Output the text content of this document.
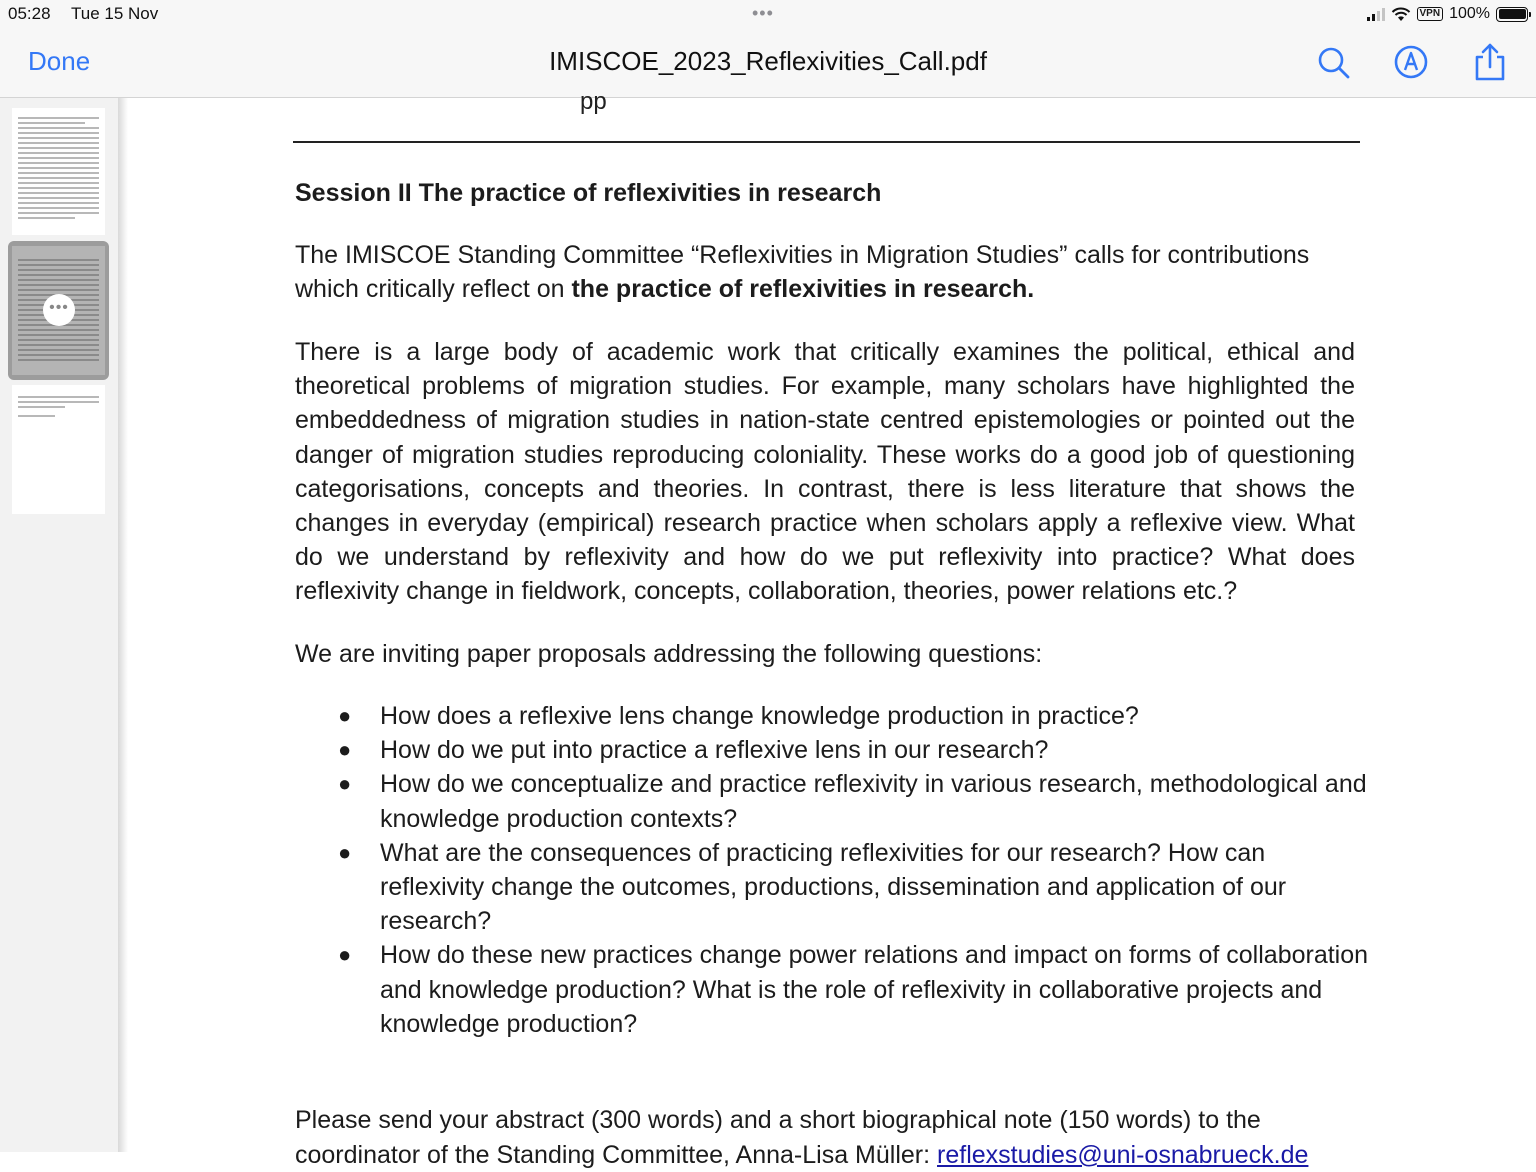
05:28 Tue 15 Nov	•••	VPN 100%
Done	IMISCOE_2023_Reflexivities_Call.pdf
•••
pp
Session II The practice of reflexivities in research
The IMISCOE Standing Committee “Reflexivities in Migration Studies” calls for contributions which critically reflect on the practice of reflexivities in research.
There is a large body of academic work that critically examines the political, ethical and theoretical problems of migration studies. For example, many scholars have highlighted the embeddedness of migration studies in nation-state centred epistemologies or pointed out the danger of migration studies reproducing coloniality. These works do a good job of questioning categorisations, concepts and theories. In contrast, there is less literature that shows the changes in everyday (empirical) research practice when scholars apply a reflexive view. What do we understand by reflexivity and how do we put reflexivity into practice? What does reflexivity change in fieldwork, concepts, collaboration, theories, power relations etc.?
We are inviting paper proposals addressing the following questions:
● How does a reflexive lens change knowledge production in practice?
● How do we put into practice a reflexive lens in our research?
● How do we conceptualize and practice reflexivity in various research, methodological and knowledge production contexts?
● What are the consequences of practicing reflexivities for our research? How can reflexivity change the outcomes, productions, dissemination and application of our research?
● How do these new practices change power relations and impact on forms of collaboration and knowledge production? What is the role of reflexivity in collaborative projects and knowledge production?
Please send your abstract (300 words) and a short biographical note (150 words) to the
coordinator of the Standing Committee, Anna-Lisa Müller: reflexstudies@uni-osnabrueck.de
